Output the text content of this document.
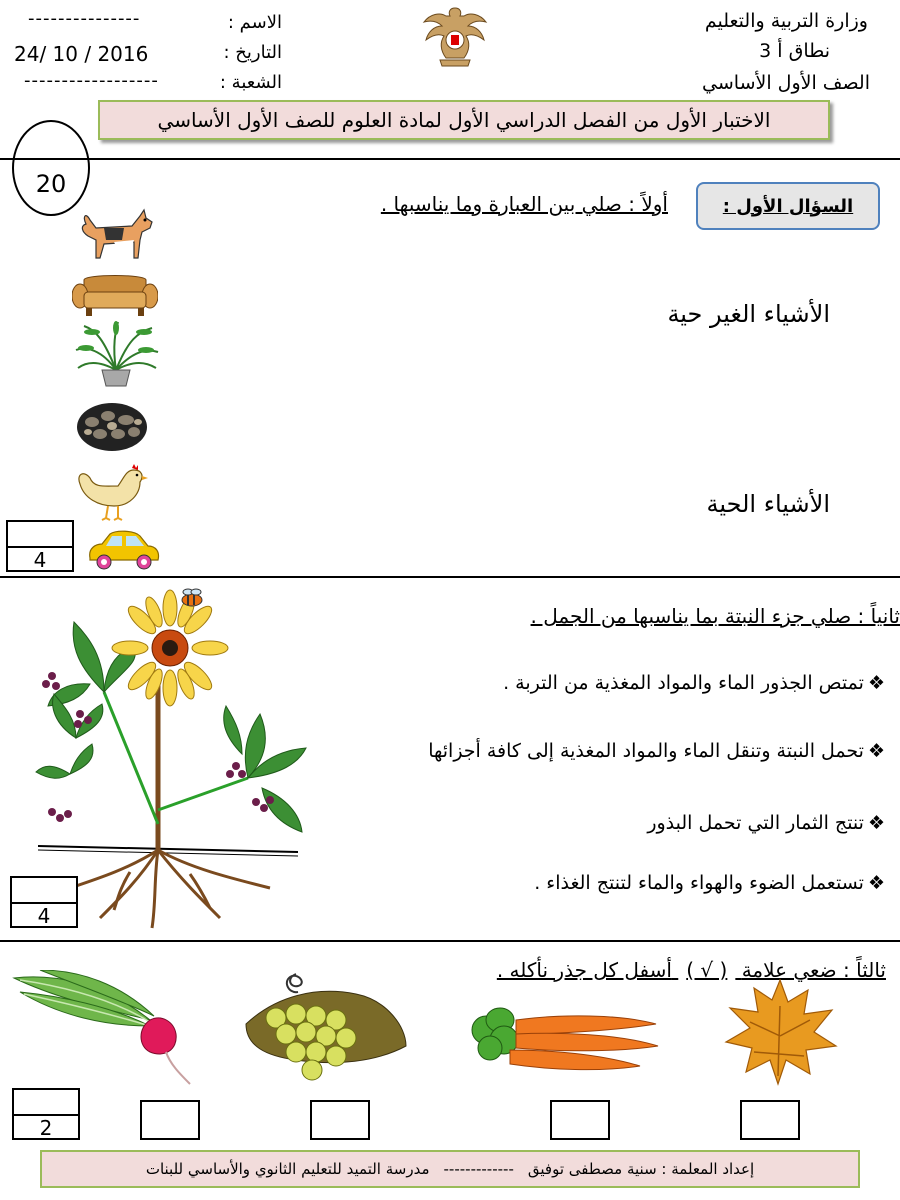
وزارة التربية والتعليم
نطاق أ 3
الصف الأول الأساسي
الاسم :
---------------
التاريخ :
24/ 10 / 2016
الشعبة :
------------------
الاختبار الأول من الفصل الدراسي الأول لمادة العلوم للصف الأول الأساسي
20
السؤال الأول :
أولاً : صلي بين العبارة وما يناسبها .
الأشياء الغير حية
الأشياء الحية
4
ثانياً : صلي جزء النبتة بما يناسبها من الجمل .
❖تمتص الجذور الماء والمواد المغذية من التربة .
❖تحمل النبتة وتنقل الماء والمواد المغذية إلى كافة أجزائها
❖تنتج الثمار التي تحمل البذور
❖تستعمل الضوء والهواء والماء لتنتج الغذاء .
4
ثالثاً : ضعي علامة ( √ ) أسفل كل جذر نأكله .
2
إعداد المعلمة : سنية مصطفى توفيق
-------------
مدرسة التميد للتعليم الثانوي والأساسي للبنات
